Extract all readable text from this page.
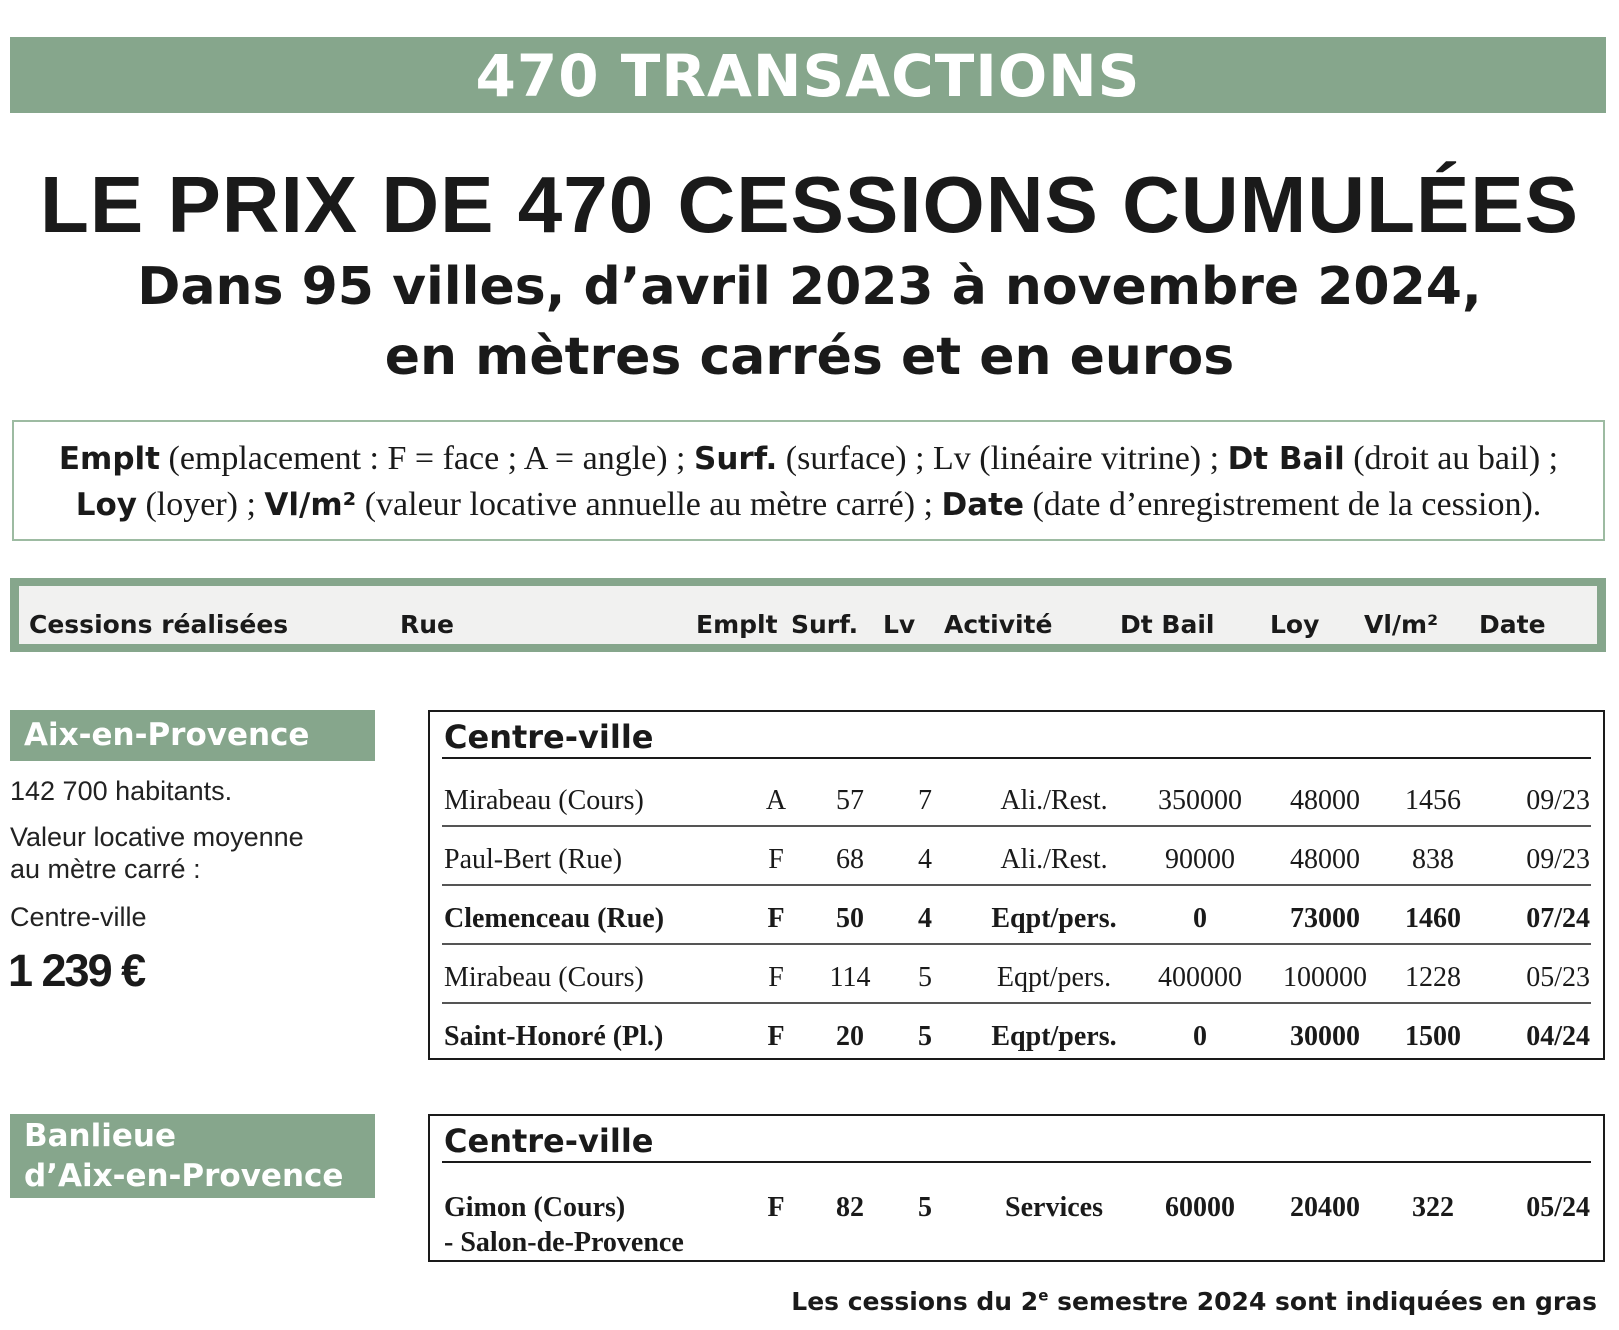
470 TRANSACTIONS
LE PRIX DE 470 CESSIONS CUMULÉES
Dans 95 villes, d’avril 2023 à novembre 2024,
en mètres carrés et en euros
Emplt (emplacement : F = face ; A = angle) ; Surf. (surface) ; Lv (linéaire vitrine) ; Dt Bail (droit au bail) ;
Loy (loyer) ; Vl/m² (valeur locative annuelle au mètre carré) ; Date (date d’enregistrement de la cession).
Cessions réalisées	Rue	Emplt Surf. Lv Activité	Dt Bail Loy Vl/m² Date
Aix-en-Provence
142 700 habitants.
Valeur locative moyenne
au mètre carré :
Centre-ville
1 239 €
Centre-ville
Mirabeau (Cours)	A 57 7 Ali./Rest. 350000 48000 1456 09/23
Paul-Bert (Rue)	F 68 4 Ali./Rest. 90000 48000 838	09/23
Clemenceau (Rue)	F 50 4 Eqpt/pers.	0	73000 1460 07/24
Mirabeau (Cours)	F 114 5 Eqpt/pers. 400000 100000 1228 05/23
Saint-Honoré (Pl.)	F 20 5 Eqpt/pers.	0	30000 1500 04/24
Banlieue
d’Aix-en-Provence
Centre-ville
Gimon (Cours)
- Salon-de-Provence
F 82 5	Services 60000 20400 322	05/24
Les cessions du 2e semestre 2024 sont indiquées en gras
